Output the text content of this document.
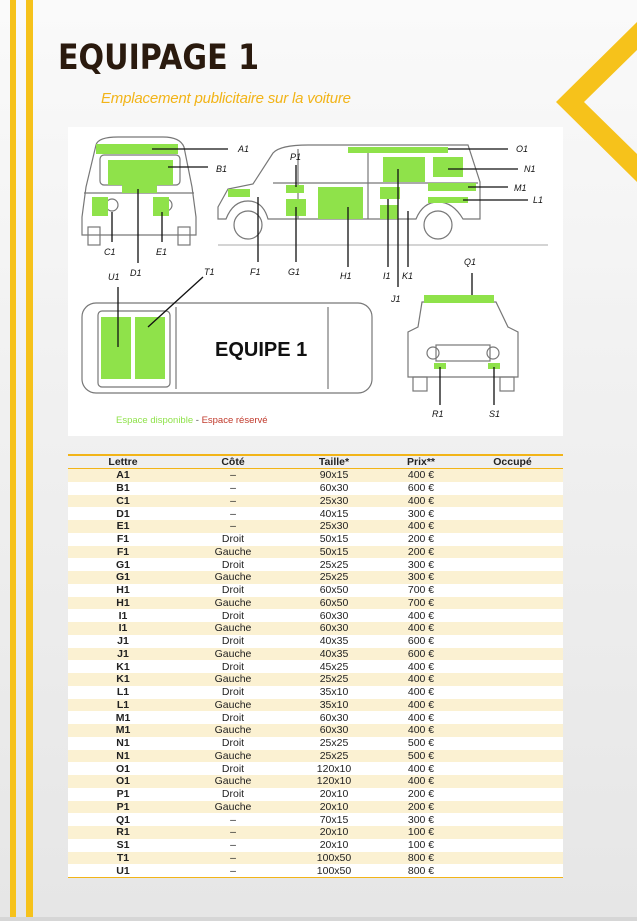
EQUIPAGE 1
Emplacement publicitaire sur la voiture
EQUIPE 1
A1
B1
C1
D1
E1
F1	G1	H1	I1
J1
K1
P1
O1
N1
M1
L1
T1
U1
Q1
R1	S1
Espace disponible - Espace réservé
Lettre	Côté	Taille*	Prix**	Occupé
A1	–	90x15	400 €	
B1	–	60x30	600 €	
C1	–	25x30	400 €	
D1	–	40x15	300 €	
E1	–	25x30	400 €	
F1	Droit	50x15	200 €	
F1	Gauche	50x15	200 €	
G1	Droit	25x25	300 €	
G1	Gauche	25x25	300 €	
H1	Droit	60x50	700 €	
H1	Gauche	60x50	700 €	
I1	Droit	60x30	400 €	
I1	Gauche	60x30	400 €	
J1	Droit	40x35	600 €	
J1	Gauche	40x35	600 €	
K1	Droit	45x25	400 €	
K1	Gauche	25x25	400 €	
L1	Droit	35x10	400 €	
L1	Gauche	35x10	400 €	
M1	Droit	60x30	400 €	
M1	Gauche	60x30	400 €	
N1	Droit	25x25	500 €	
N1	Gauche	25x25	500 €	
O1	Droit	120x10	400 €	
O1	Gauche	120x10	400 €	
P1	Droit	20x10	200 €	
P1	Gauche	20x10	200 €	
Q1	–	70x15	300 €	
R1	–	20x10	100 €	
S1	–	20x10	100 €	
T1	–	100x50	800 €	
U1	–	100x50	800 €	
